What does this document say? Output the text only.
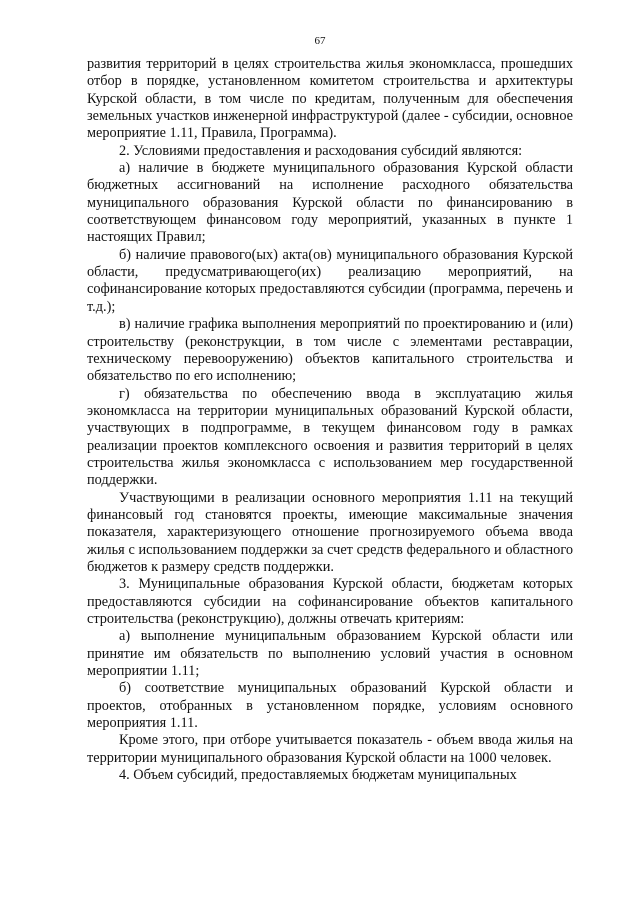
67

развития территорий в целях строительства жилья экономкласса, прошедших отбор в порядке, установленном комитетом строительства и архитектуры Курской области, в том числе по кредитам, полученным для обеспечения земельных участков инженерной инфраструктурой (далее - субсидии, основное мероприятие 1.11, Правила, Программа).

2. Условиями предоставления и расходования субсидий являются:

а) наличие в бюджете муниципального образования Курской области бюджетных ассигнований на исполнение расходного обязательства муниципального образования Курской области по финансированию в соответствующем финансовом году мероприятий, указанных в пункте 1 настоящих Правил;

б) наличие правового(ых) акта(ов) муниципального образования Курской области, предусматривающего(их) реализацию мероприятий, на софинансирование которых предоставляются субсидии (программа, перечень и т.д.);

в) наличие графика выполнения мероприятий по проектированию и (или) строительству (реконструкции, в том числе с элементами реставрации, техническому перевооружению) объектов капитального строительства и обязательство по его исполнению;

г) обязательства по обеспечению ввода в эксплуатацию жилья экономкласса на территории муниципальных образований Курской области, участвующих в подпрограмме, в текущем финансовом году в рамках реализации проектов комплексного освоения и развития территорий в целях строительства жилья экономкласса с использованием мер государственной поддержки.

Участвующими в реализации основного мероприятия 1.11 на текущий финансовый год становятся проекты, имеющие максимальные значения показателя, характеризующего отношение прогнозируемого объема ввода жилья с использованием поддержки за счет средств федерального и областного бюджетов к размеру средств поддержки.

3. Муниципальные образования Курской области, бюджетам которых предоставляются субсидии на софинансирование объектов капитального строительства (реконструкцию), должны отвечать критериям:

а) выполнение муниципальным образованием Курской области или принятие им обязательств по выполнению условий участия в основном мероприятии 1.11;

б) соответствие муниципальных образований Курской области и проектов, отобранных в установленном порядке, условиям основного мероприятия 1.11.

Кроме этого, при отборе учитывается показатель - объем ввода жилья на территории муниципального образования Курской области на 1000 человек.

4. Объем субсидий, предоставляемых бюджетам муниципальных
